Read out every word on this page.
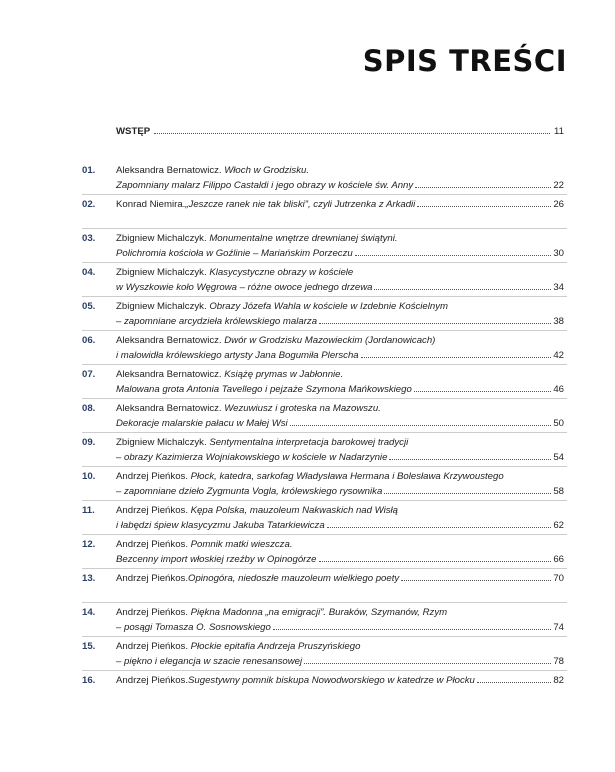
SPIS TREŚCI
WSTĘP	11
01. Aleksandra Bernatowicz. Włoch w Grodzisku.
Zapomniany malarz Filippo Castaldi i jego obrazy w kościele św. Anny	22
02. Konrad Niemira. „Jeszcze ranek nie tak bliski”, czyli Jutrzenka z Arkadii	26
03. Zbigniew Michalczyk. Monumentalne wnętrze drewnianej świątyni.
Polichromia kościoła w Goźlinie – Mariańskim Porzeczu	30
04. Zbigniew Michalczyk. Klasycystyczne obrazy w kościele
w Wyszkowie koło Węgrowa – różne owoce jednego drzewa	34
05. Zbigniew Michalczyk. Obrazy Józefa Wahla w kościele w Izdebnie Kościelnym
– zapomniane arcydzieła królewskiego malarza	38
06. Aleksandra Bernatowicz. Dwór w Grodzisku Mazowieckim (Jordanowicach)
i malowidła królewskiego artysty Jana Bogumiła Plerscha	42
07. Aleksandra Bernatowicz. Książę prymas w Jabłonnie.
Malowana grota Antonia Tavellego i pejzaże Szymona Mańkowskiego	46
08. Aleksandra Bernatowicz. Wezuwiusz i groteska na Mazowszu.
Dekoracje malarskie pałacu w Małej Wsi	50
09. Zbigniew Michalczyk. Sentymentalna interpretacja barokowej tradycji
– obrazy Kazimierza Wojniakowskiego w kościele w Nadarzynie	54
10. Andrzej Pieńkos. Płock, katedra, sarkofag Władysława Hermana i Bolesława Krzywoustego
– zapomniane dzieło Zygmunta Vogla, królewskiego rysownika	58
11. Andrzej Pieńkos. Kępa Polska, mauzoleum Nakwaskich nad Wisłą
i łabędzi śpiew klasycyzmu Jakuba Tatarkiewicza	62
12. Andrzej Pieńkos. Pomnik matki wieszcza.
Bezcenny import włoskiej rzeźby w Opinogórze	66
13. Andrzej Pieńkos. Opinogóra, niedoszłe mauzoleum wielkiego poety	70
14. Andrzej Pieńkos. Piękna Madonna „na emigracji”. Buraków, Szymanów, Rzym
– posągi Tomasza O. Sosnowskiego	74
15. Andrzej Pieńkos. Płockie epitafia Andrzeja Pruszyńskiego
– piękno i elegancja w szacie renesansowej	78
16. Andrzej Pieńkos. Sugestywny pomnik biskupa Nowodworskiego w katedrze w Płocku	82
